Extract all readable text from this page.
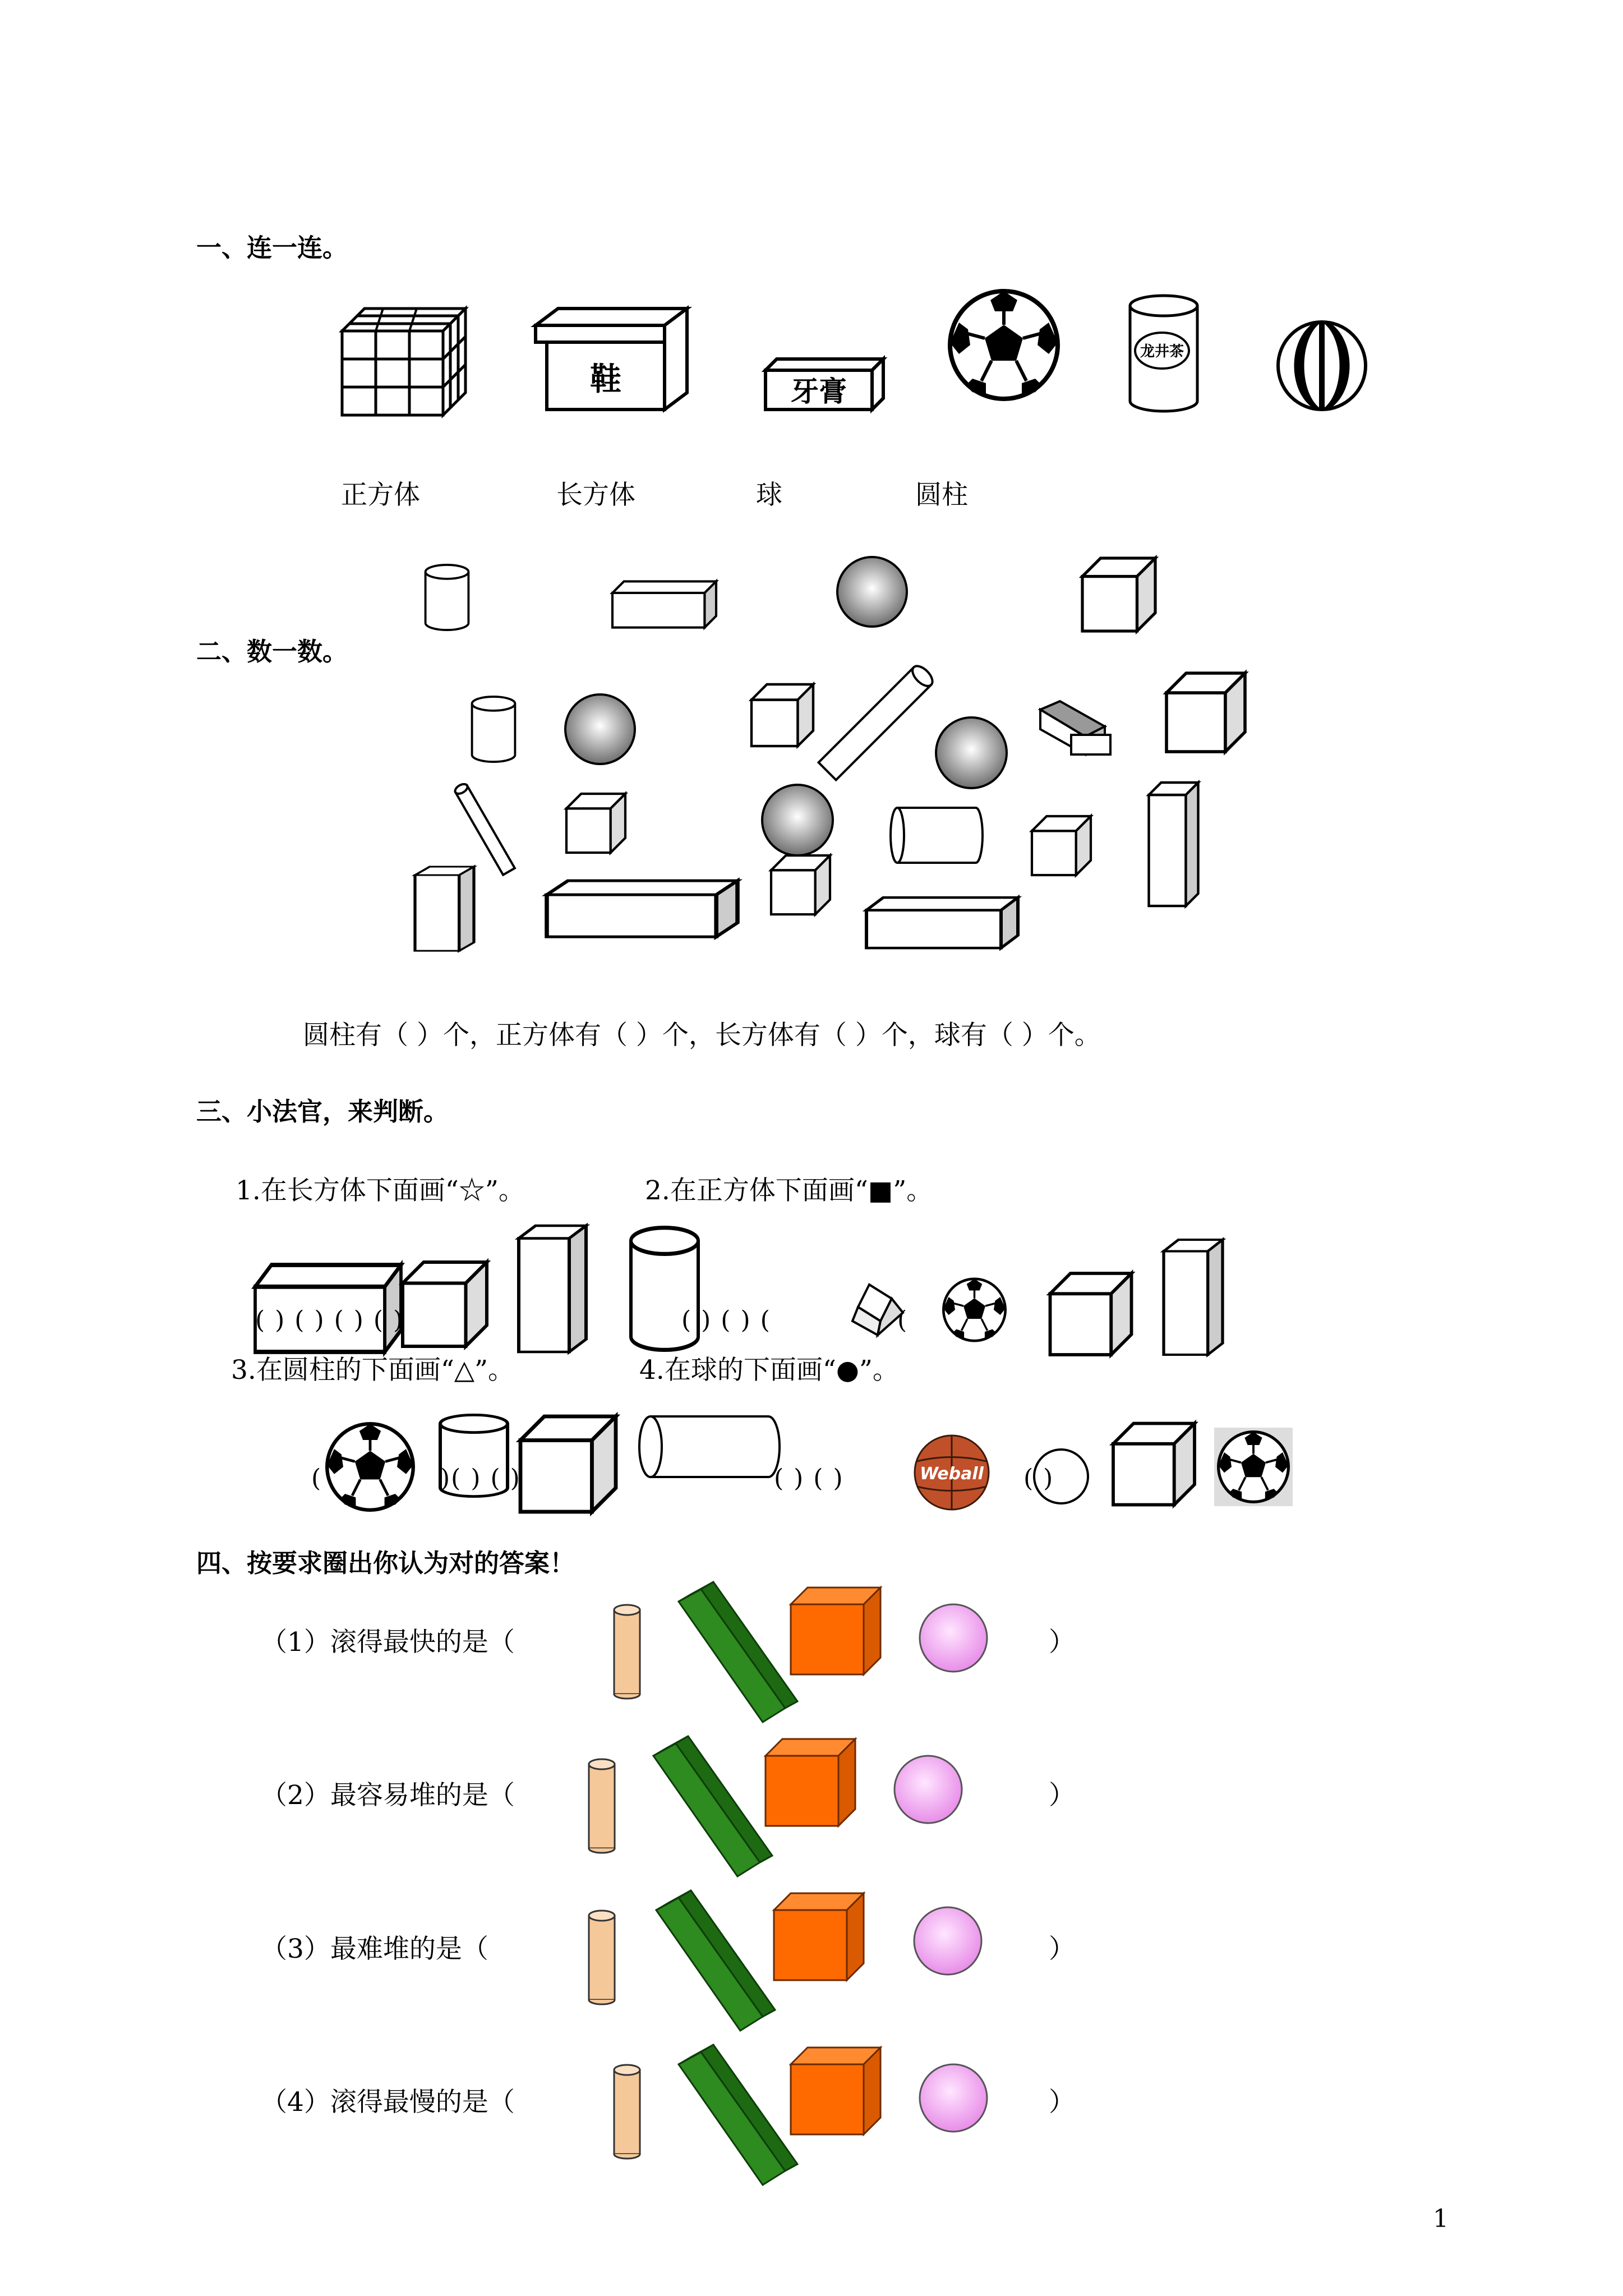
一、连一连。
鞋	牙膏
龙井茶
正方体	长方体	球	圆柱
二、数一数。
圆柱有（ ）个，正方体有（ ）个，长方体有（ ）个，球有（ ）个。
三、小法官，来判断。
1.在长方体下面画“☆”。	2.在正方体下面画“■”。
( ) ( ) ( ) ( )	( ) ( ) (	(
3.在圆柱的下面画“△”。	4.在球的下面画“●”。
Weball
(	)( ) ( )	( ) ( )	( )
四、按要求圈出你认为对的答案！
（1）滚得最快的是（	）
（2）最容易堆的是（	）
（3）最难堆的是（	）
（4）滚得最慢的是（	）
1
